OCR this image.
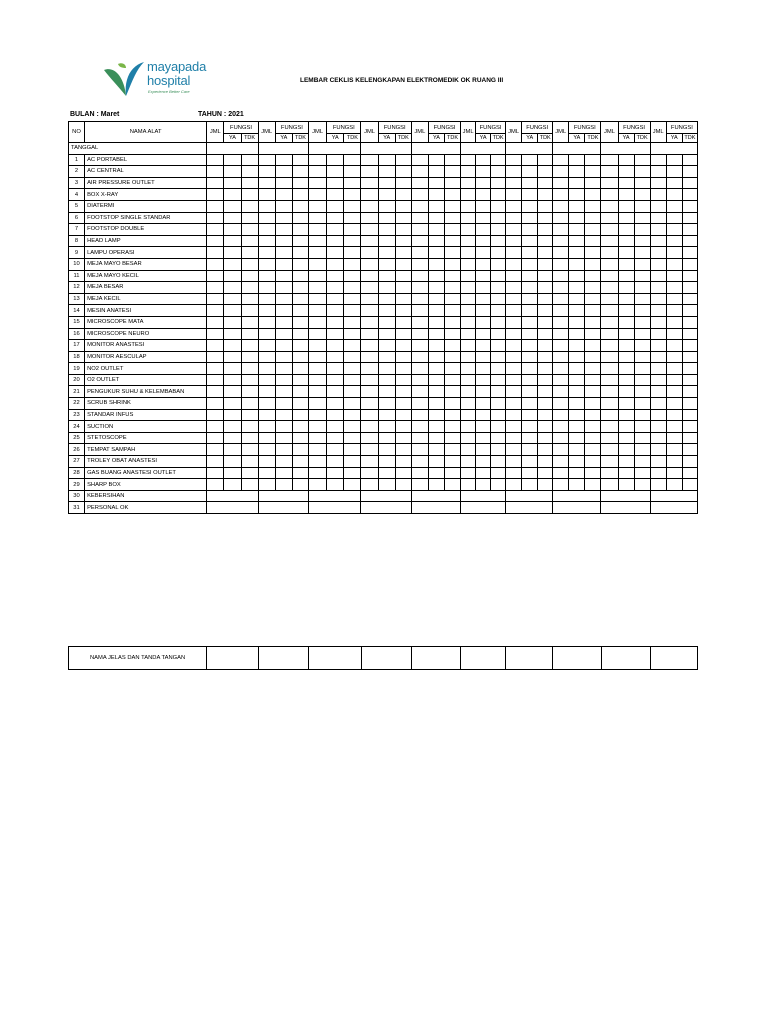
mayapada
hospital
Experience Better Care
LEMBAR CEKLIS KELENGKAPAN ELEKTROMEDIK OK RUANG III
BULAN : Maret	TAHUN : 2021
NO	NAMA ALAT	JML	FUNGSI		JML	FUNGSI		JML	FUNGSI		JML	FUNGSI		JML	FUNGSI		JML	FUNGSI		JML	FUNGSI		JML	FUNGSI		JML	FUNGSI		JML	FUNGSI	
			YA	TDK		YA	TDK		YA	TDK		YA	TDK		YA	TDK		YA	TDK		YA	TDK		YA	TDK		YA	TDK		YA	TDK
TANGGAL																															
1	AC PORTABEL																														
2	AC CENTRAL																														
3	AIR PRESSURE OUTLET																														
4	BOX X-RAY																														
5	DIATERMI																														
6	FOOTSTOP SINGLE STANDAR																														
7	FOOTSTOP DOUBLE																														
8	HEAD LAMP																														
9	LAMPU OPERASI																														
10	MEJA MAYO BESAR																														
11	MEJA MAYO KECIL																														
12	MEJA BESAR																														
13	MEJA KECIL																														
14	MESIN ANATESI																														
15	MICROSCOPE MATA																														
16	MICROSCOPE NEURO																														
17	MONITOR ANASTESI																														
18	MONITOR AESCULAP																														
19	NO2 OUTLET																														
20	O2 OUTLET																														
21	PENGUKUR SUHU & KELEMBABAN																														
22	SCRUB SHRINK																														
23	STANDAR INFUS																														
24	SUCTION																														
25	STETOSCOPE																														
26	TEMPAT SAMPAH																														
27	TROLEY OBAT ANASTESI																														
28	GAS BUANG ANASTESI OUTLET																														
29	SHARP BOX																														
30	KEBERSIHAN																														
31	PERSONAL OK																														
NAMA JELAS DAN TANDA TANGAN										
